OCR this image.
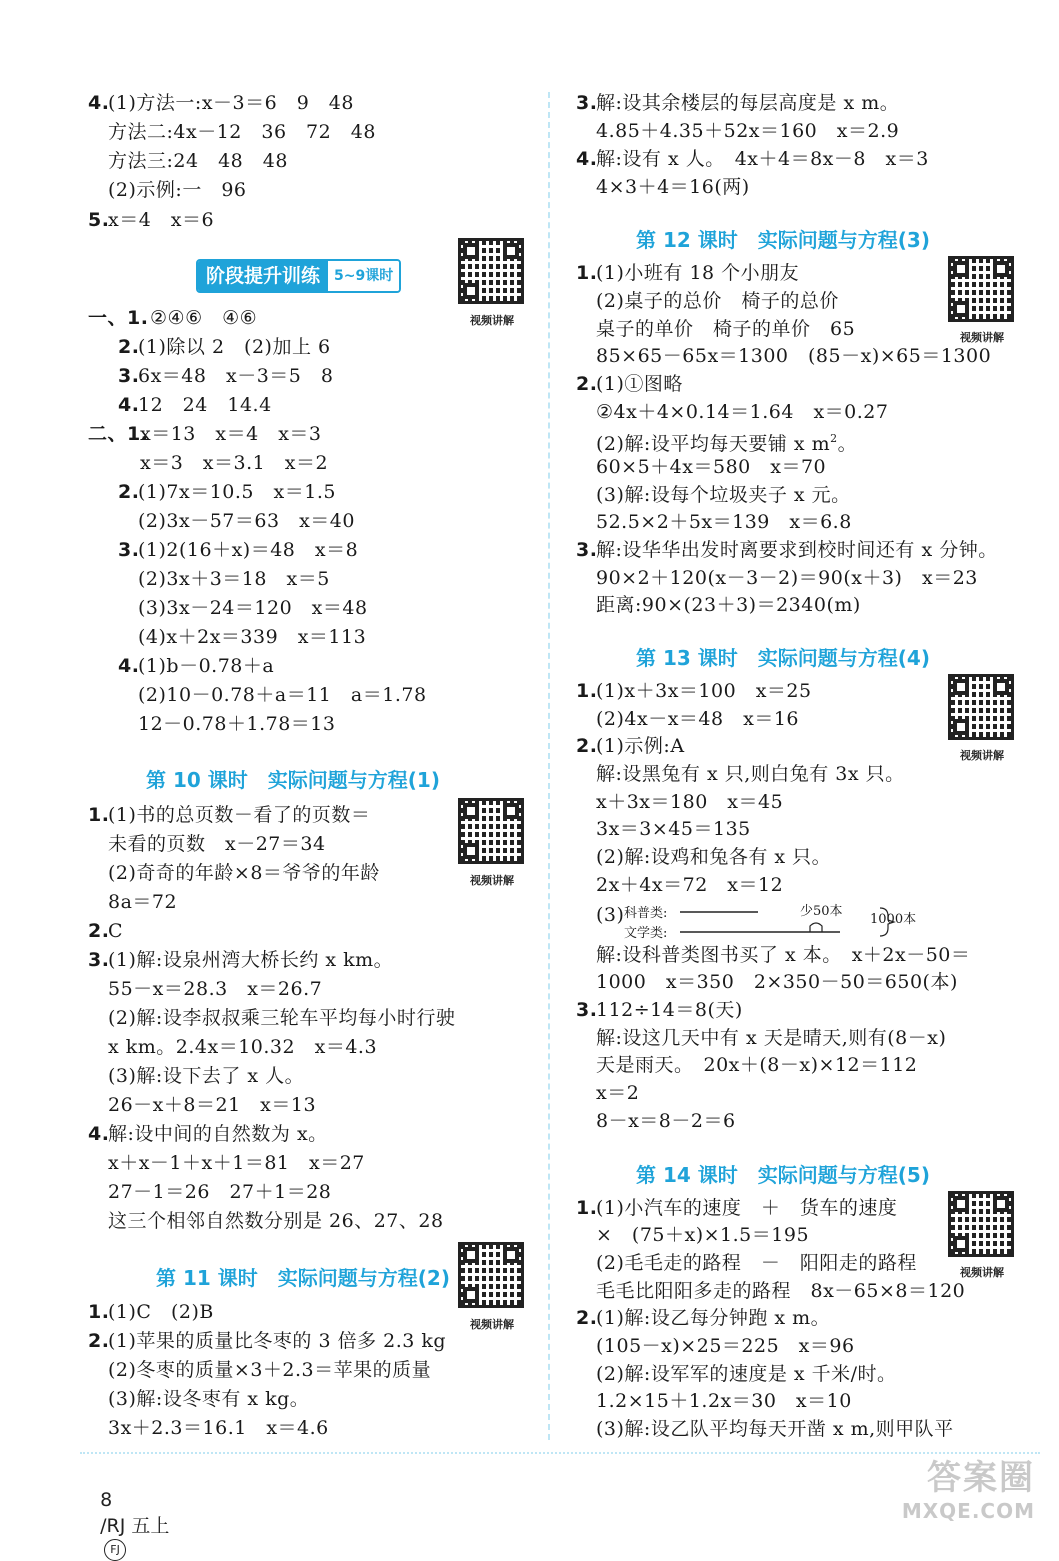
4.
(1)方法一:x－3＝6　9　48
方法二:4x－12　36　72　48
方法三:24　48　48
(2)示例:一　96
5.
x＝4　x＝6
阶段提升训练	5~9课时
视频讲解
一、1. ②④⑥　④⑥
2.
(1)除以 2　(2)加上 6
3.
6x＝48　x－3＝5　8
4.
12　24　14.4
二、1.
x＝13　x＝4　x＝3
x＝3　x＝3.1　x＝2
2.
(1)7x＝10.5　x＝1.5
(2)3x－57＝63　x＝40
3.
(1)2(16＋x)＝48　x＝8
(2)3x＋3＝18　x＝5
(3)3x－24＝120　x＝48
(4)x＋2x＝339　x＝113
4.
(1)b－0.78＋a
(2)10－0.78＋a＝11　a＝1.78
12－0.78＋1.78＝13
第 10 课时　实际问题与方程(1)
视频讲解
1.
(1)书的总页数－看了的页数＝
未看的页数　x－27＝34
(2)奇奇的年龄×8＝爷爷的年龄
8a＝72
2.
C
3.
(1)解:设泉州湾大桥长约 x km。
55－x＝28.3　x＝26.7
(2)解:设李叔叔乘三轮车平均每小时行驶
x km。2.4x＝10.32　x＝4.3
(3)解:设下去了 x 人。
26－x＋8＝21　x＝13
4.
解:设中间的自然数为 x。
x＋x－1＋x＋1＝81　x＝27
27－1＝26　27＋1＝28
这三个相邻自然数分别是 26、27、28
第 11 课时　实际问题与方程(2)
视频讲解
1.
(1)C　(2)B
2.
(1)苹果的质量比冬枣的 3 倍多 2.3 kg
(2)冬枣的质量×3＋2.3＝苹果的质量
(3)解:设冬枣有 x kg。
3x＋2.3＝16.1　x＝4.6
3.
解:设其余楼层的每层高度是 x m。
4.85＋4.35＋52x＝160　x＝2.9
4.
解:设有 x 人。　4x＋4＝8x－8　x＝3
4×3＋4＝16(两)
第 12 课时　实际问题与方程(3)
视频讲解
1.
(1)小班有 18 个小朋友
(2)桌子的总价　椅子的总价
桌子的单价　椅子的单价　65
85×65－65x＝1300　(85－x)×65＝1300
2.
(1)①图略
②4x＋4×0.14＝1.64　x＝0.27
(2)解:设平均每天要铺 x $m^2$。
60×5＋4x＝580　x＝70
(3)解:设每个垃圾夹子 x 元。
52.5×2＋5x＝139　x＝6.8
3.
解:设华华出发时离要求到校时间还有 x 分钟。
90×2＋120(x－3－2)＝90(x＋3)　x＝23
距离:90×(23＋3)＝2340(m)
第 13 课时　实际问题与方程(4)
视频讲解
1.
(1)x＋3x＝100　x＝25
(2)4x－x＝48　x＝16
2.
(1)示例:A
解:设黑兔有 x 只,则白兔有 3x 只。
x＋3x＝180　x＝45
3x＝3×45＝135
(2)解:设鸡和兔各有 x 只。
2x＋4x＝72　x＝12
(3) 科普类:
文学类:
少50本
1000本
解:设科普类图书买了 x 本。　x＋2x－50＝
1000　x＝350　2×350－50＝650(本)
3.
112÷14＝8(天)
解:设这几天中有 x 天是晴天,则有(8－x)
天是雨天。　20x＋(8－x)×12＝112
x＝2
8－x＝8－2＝6
第 14 课时　实际问题与方程(5)
视频讲解
1.
(1)小汽车的速度　＋　货车的速度
×　(75＋x)×1.5＝195
(2)毛毛走的路程　－　阳阳走的路程
毛毛比阳阳多走的路程　8x－65×8＝120
2.
(1)解:设乙每分钟跑 x m。
(105－x)×25＝225　x＝96
(2)解:设军军的速度是 x 千米/时。
1.2×15＋1.2x＝30　x＝10
(3)解:设乙队平均每天开凿 x m,则甲队平

8
/RJ 五上
FJ

答案圈
MXQE.COM
